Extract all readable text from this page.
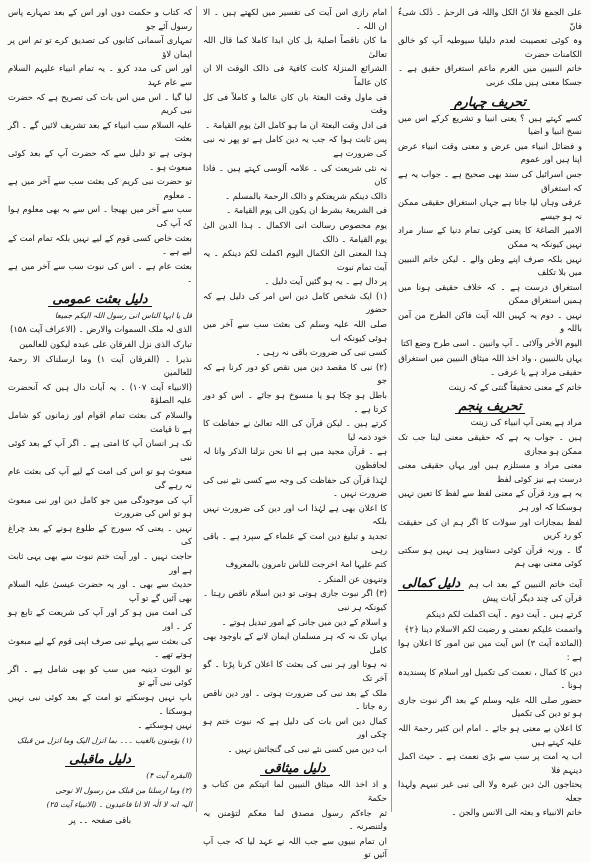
علی الجمع فلا انّ الکل واللہ فی الرحمٰ ۔ ذٰلک شیءٌ فانّ
وہ کوئی تعصیبت لعدم دلیلیا سیوطیہ آپ کو خالق الکامنات حضرت
خاتم النبیین میں الغرم ماعم استغراق حقیق ہے ۔ جسکا معنی ہیں ملک عربی
تحریف چہارم
کسے کہتے ہیں ؟ یعنی انبیا و تشریع کرکے اس میں نسخ انبیا و اضیا
و فضائل انبیاء میں عرض و معنی وقت انبیاء عرض اپنا ہیں اور عموم
جس اسرائیل کی سند بھی صحیح ہے ۔ جواب یہ ہے کہ استغراق
عرفی وہاں لیا جاتا ہے جہاں استغراق حقیقی ممکن نہ ہو جیسے
الامیر الصاغۃ کا یعنی کوئی تمام دنیا کے سنار مراد نہیں کیونکہ یہ ممکن
نہیں بلکہ صرف اپنے وطن والے ۔ لیکن خاتم النبیین میں بلا تکلف
استغراق درست ہے ۔ کہ خلاف حقیقی ہونا میں ہمیں استغراق ممکن
نہیں ۔ دوم یہ کہیں اللہ آیت فاکن الطرح من آمن باللہ و
الیوم الاٰخر وآلائی ۔ آپ وانبین ۔ اسی طرح وضع اکتا
یہاں بالنبیین ، واذ اخذ اللہ میثاق النبیین میں استغراق
حقیقی مراد ہے یا عرفی ۔
خاتم کے معنی تحقیقاً گنتی کے کہ زینت
تحریف پنجم
مراد ہے یعنی آپ انبیاء کی زینت
ہیں ۔ جواب یہ ہے کہ حقیقی معنی لینا جب تک ممکن ہو مجازی
معنی مراد و مستلزم ہیں اور یہاں حقیقی معنی درست ہے نیز کوئی لفظ
یہ ہے ورد قرآن کے معنی لفظ سے لفظ کا تعین نہیں ہوسکتا کہ اور ہر
لفظ بمجازات اور سولات کا اگر ہم ان کی حقیقت کو رد کریں
گا ۔ ورنہ قرآن کوئی دستاویز ہی نہیں ہو سکتی کوئی معنی بھی ہم
آیت خاتم النبیین کے بعد اب ہم قرآن کی چند دیگر آیات پیش
دلیل کمالی
کرتے ہیں ۔ آیت دوم ۔ آیت اکملت لکم دینکم
واتممت علیکم نعمتی و رضیت لکم الاسلام دینا ﴿۲﴾
(المائدہ آیت ۳) اس آیت میں تین امور کا اعلان ہوا ہے :
دین کا کمال ، نعمت کی تکمیل اور اسلام کا پسندیدہ ہونا ۔
حضور صلی اللہ علیہ وسلم کے بعد اگر نبوت جاری ہو تو دین کی تکمیل
کا اعلان بے معنی ہو جائے ۔ امام ابن کثیر رحمۃ اللہ علیہ کہتے ہیں
اب یہ امت پر سب سے بڑی نعمت ہے ۔ حیث اکمل دینہم فلا
یحتاجون الیٰ دین غیرہ ولا الی نبی غیر نبیہم ولہذا جعلہ
خاتم الانبیاء و بعثہ الی الانس والجن ۔
امام رازی اس آیت کی تفسیر میں لکھتے ہیں ۔ الا ان اللہ ۔
ما کان ناقصاً اصلیۃ بل کان ابدا کاملا کما قال اللہ تعالیٰ
الشرائع المنزلۃ کانت کافیۃ فی ذالک الوقت الا ان کان عالماً
فی ماول وقت البعثۃ بان کان عالما و کاملاً فی کل وقت
فی ادل وقت البعثۃ ان ما ہو کامل الیٰ یوم القیامۃ ۔
پس ثابت ہوا کہ جب یہ دین کامل ہے تو پھر نہ نبی کی ضرورت ہے
نہ نئی شریعت کی ۔ علامہ آلوسی کہتے ہیں ۔ فاذا کان
ذالک دینکم شریعتکم و ذالک الرحمۃ بالمسلم ۔
فی الشریعۃ بشرط ان یکون الی یوم القیامۃ ۔
یوم محصوص رسالت انی الاکمال ۔ ہذا الدین الیٰ یوم القیامۃ ۔ ذالک
ہٰذا المعنی الیٰ الکمال الیوم اکملت لکم دینکم ۔ یہ آیت تمام نبوت
پر دال ہے ۔ یہ ہو گئیں آیت دلیل ۔
(۱) ایک شخص کامل دین اس امر کی دلیل ہے کہ حضور
صلی اللہ علیہ وسلم کی بعثت سب سے آخر میں ہوئی کیونکہ اب
کسی نبی کی ضرورت باقی نہ رہی ۔
(۲) نبی کا مقصد دین میں نقص کو دور کرنا ہے کہ جو
باطل ہو چکا ہو یا منسوخ ہو جائے ۔ اس کو دور کرتا ہے ۔
کرتے ہیں ۔ لیکن قرآن کی اللہ تعالیٰ نے حفاظت کا خود ذمہ لیا
ہے ۔ قرآن مجید میں ہے انا نحن نزلنا الذکر وانا لہ لحافظون
لہٰذا قرآن کی حفاظت کی وجہ سے کسی نئے نبی کی ضرورت نہیں ۔
کا اعلان بھی ہے لہٰذا اب اور دین کی ضرورت نہیں بلکہ
تجدید و تبلیغ دین امت کے علماء کے سپرد ہے ۔ باقی رہی
کتم علیہا امۃ اخرجت للناس تامرون بالمعروف
وتنہون عن المنکر ۔
(۳) اگر نبوت جاری ہوتی تو دین اسلام ناقص رہتا ۔ کیونکہ ہر نبی
و اسلام کے دین میں جانی کے امور تبدیل ہوتے ۔
یہاں تک نہ کہ ہر مسلمان ایمان لانے کے باوجود بھی کامل
نہ ہوتا اور ہر نبی کی بعثت کا اعلان کرنا پڑتا ۔ گو آخر تک
ملک کے بعد نبی کی ضرورت ہوتی ۔ اور دین ناقص رہ جاتا ۔
کمال دین اس بات کی دلیل ہے کہ نبوت ختم ہو چکی اور
اب دین میں کسی نئے نبی کی گنجائش نہیں ۔
دلیل میثاقی
و اذ اخذ اللہ میثاق النبیین لما اتیتکم من کتاب و حکمۃ
ثم جاءکم رسول مصدق لما معکم لتؤمنن بہ ولتنصرنہ ۔
ان تمام نبیوں سے جب اللہ نے عہد لیا کہ جب آپ آئیں تو
کہ کتاب و حکمت دوں اور اس کے بعد تمہارے پاس رسول آئے جو
تمہاری آسمانی کتابوں کی تصدیق کرے تو تم اس پر ایمان لاؤ
اور اس کی مدد کرو ۔ یہ تمام انبیاء علیہم السلام سے عام عہد
لیا گیا ۔ اس میں اس بات کی تصریح ہے کہ حضرت نبی کریم
علیہ السلام سب انبیاء کے بعد تشریف لائیں گے ۔ اگر بعثت
ہوتی ہے تو دلیل سے کہ حضرت آپ کے بعد کوئی مبعوث ہو ۔
تو حضرت نبی کریم کی بعثت سب سے آخر میں ہے ۔ معلوم
سب سے آخر میں بھیجا ۔ اس سے یہ بھی معلوم ہوا کہ آپ کی
بعثت خاص کسی قوم کے لیے نہیں بلکہ تمام امت کے لیے ہے ۔
بعثت عام ہے ۔ اس کی نبوت سب سے آخر میں ہے ۔
دلیل بعثت عمومی
قل یا ایہا الناس انی رسول اللہ الیکم جمیعا
الذی لہ ملک السموات والارض ۔ (الاعراف آیت ۱۵۸)
تبارک الذی نزل الفرقان علی عبدہ لیکون للعالمین
نذیرا ۔ (الفرقان آیت ۱) وما ارسلناک الا رحمۃ للعالمین
(الانبیاء آیت ۱۰۷) ۔ یہ آیات دال ہیں کہ آنحضرت علیہ الصلوٰۃ
والسلام کی بعثت تمام اقوام اور زمانوں کو شامل ہے تا قیامت
تک ہر انسان آپ کا امتی ہے ۔ اگر آپ کے بعد کوئی نبی
مبعوث ہو تو اس کی امت کے لیے آپ کی بعثت عام نہ رہے گی
آپ کی موجودگی میں جو کامل دین اور نبی مبعوث ہو تو اس کی ضرورت
نہیں ۔ یعنی کہ سورج کے طلوع ہونے کے بعد چراغ کی
حاجت نہیں ۔ اور آیت ختم نبوت سے بھی یہی ثابت ہے اور
حدیث سے بھی ۔ اور یہ حضرت عیسیٰ علیہ السلام بھی آئیں گے تو آپ
کی امت میں ہو کر اور آپ کی شریعت کے تابع ہو کر ۔ اور
کی بعثت سے پہلے نبی صرف اپنی قوم کے لیے مبعوث ہوتے تھے ۔
تو الیوت دینیہ میں سب کو بھی شامل ہے ۔ اگر کوئی نبی آئے تو
باپ نہیں ہوسکتے تو امت کے بعد کوئی نبی نہیں ہوسکتا ۔
نہیں ہوسکتے ۔
(۱) یؤمنون بالغیب ۔۔۔ بما انزل الیک وما انزل من قبلک
دلیل ماقبلی
(البقرہ آیت ۴)
(۲) وما ارسلنا من قبلک من رسول الا نوحی
الیہ انہ لا الٰہ الا انا فاعبدون ۔ (الانبیاء آیت ۲۵)
باقی صفحہ ۔۔ پر
